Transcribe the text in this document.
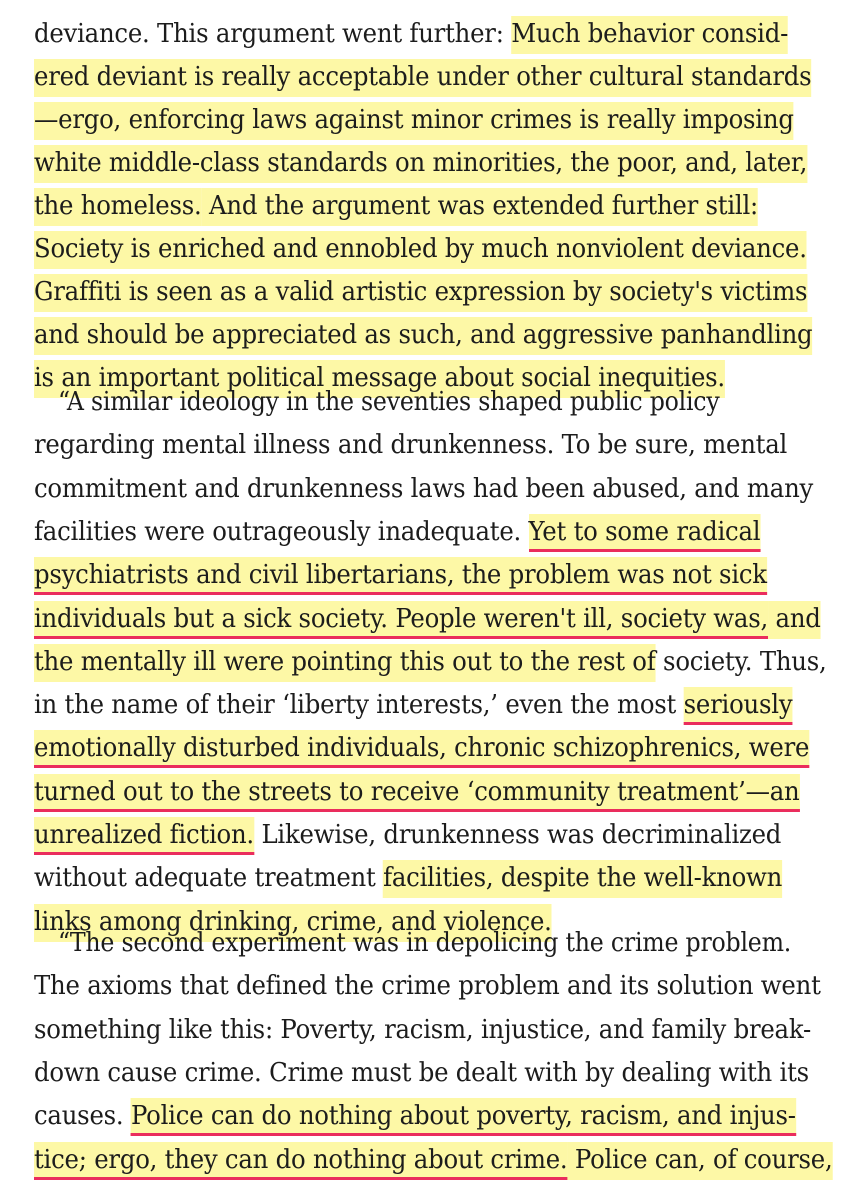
deviance. This argument went further: Much behavior consid-
ered deviant is really acceptable under other cultural standards
—ergo, enforcing laws against minor crimes is really imposing
white middle-class standards on minorities, the poor, and, later,
the homeless. And the argument was extended further still:
Society is enriched and ennobled by much nonviolent deviance.
Graffiti is seen as a valid artistic expression by society's victims
and should be appreciated as such, and aggressive panhandling
is an important political message about social inequities.
“A similar ideology in the seventies shaped public policy
regarding mental illness and drunkenness. To be sure, mental
commitment and drunkenness laws had been abused, and many
facilities were outrageously inadequate. Yet to some radical
psychiatrists and civil libertarians, the problem was not sick
individuals but a sick society. People weren't ill, society was, and
the mentally ill were pointing this out to the rest of society. Thus,
in the name of their ‘liberty interests,’ even the most seriously
emotionally disturbed individuals, chronic schizophrenics, were
turned out to the streets to receive ‘community treatment’—an
unrealized fiction. Likewise, drunkenness was decriminalized
without adequate treatment facilities, despite the well-known
links among drinking, crime, and violence.
“The second experiment was in depolicing the crime problem.
The axioms that defined the crime problem and its solution went
something like this: Poverty, racism, injustice, and family break-
down cause crime. Crime must be dealt with by dealing with its
causes. Police can do nothing about poverty, racism, and injus-
tice; ergo, they can do nothing about crime. Police can, of course,
